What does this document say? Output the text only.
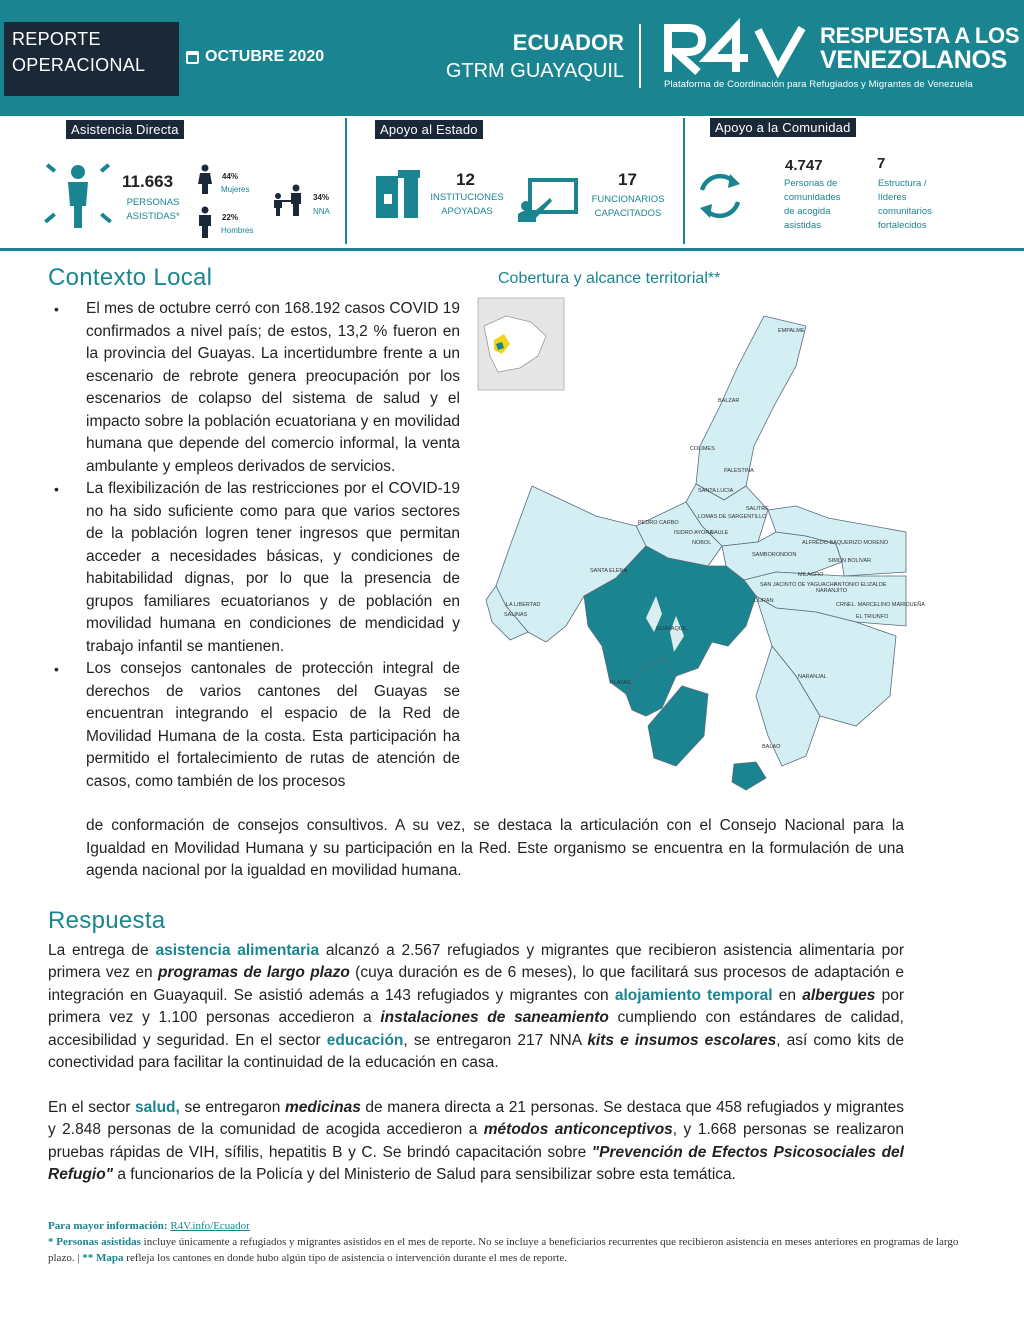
REPORTE
OPERACIONAL	OCTUBRE 2020
ECUADOR
GTRM GUAYAQUIL
RESPUESTA A LOS
VENEZOLANOS
Plataforma de Coordinación para Refugiados y Migrantes de Venezuela
Asistencia Directa
11.663
PERSONAS
ASISTIDAS*
44%
Mujeres
22%
Hombres
34%
NNA
Apoyo al Estado
12
INSTITUCIONES
APOYADAS
17
FUNCIONARIOS
CAPACITADOS
Apoyo a la Comunidad
4.747
Personas de
comunidades
de acogida
asistidas
7
Estructura /
líderes
comunitarios
fortalecidos
Contexto Local
• El mes de octubre cerró con 168.192 casos COVID 19 confirmados a nivel país; de estos, 13,2 % fueron en la provincia del Guayas. La incertidumbre frente a un escenario de rebrote genera preocupación por los escenarios de colapso del sistema de salud y el impacto sobre la población ecuatoriana y en movilidad humana que depende del comercio informal, la venta ambulante y empleos derivados de servicios.
• La flexibilización de las restricciones por el COVID-19 no ha sido suficiente como para que varios sectores de la población logren tener ingresos que permitan acceder a necesidades básicas, y condiciones de habitabilidad dignas, por lo que la presencia de grupos familiares ecuatorianos y de población en movilidad humana en condiciones de mendicidad y trabajo infantil se mantienen.
• Los consejos cantonales de protección integral de derechos de varios cantones del Guayas se encuentran integrando el espacio de la Red de Movilidad Humana de la costa. Esta participación ha permitido el fortalecimiento de rutas de atención de casos, como también de los procesos
de conformación de consejos consultivos. A su vez, se destaca la articulación con el Consejo Nacional para la Igualdad en Movilidad Humana y su participación en la Red. Este organismo se encuentra en la formulación de una agenda nacional por la igualdad en movilidad humana.
Cobertura y alcance territorial**
EMPALME
BALZAR
COLIMES
PALESTINA
SANTA LUCIA
SALITRE
PEDRO CARBO
LOMAS DE SARGENTILLO
ISIDRO AYORA
DAULE
NOBOL	ALFREDO BAQUERIZO MORENO
SAMBORONDON
SIMON BOLIVAR
SANTA ELENA
MILAGRO
SAN JACINTO DE YAGUACHI
ANTONIO ELIZALDE
NARANJITO
LA LIBERTAD
SALINAS
DURAN
CRNEL. MARCELINO MARIDUEÑA
EL TRIUNFO
GUAYAQUIL
PLAYAS
NARANJAL
BALAO
Respuesta
La entrega de asistencia alimentaria alcanzó a 2.567 refugiados y migrantes que recibieron asistencia alimentaria por primera vez en programas de largo plazo (cuya duración es de 6 meses), lo que facilitará sus procesos de adaptación e integración en Guayaquil. Se asistió además a 143 refugiados y migrantes con alojamiento temporal en albergues por primera vez y 1.100 personas accedieron a instalaciones de saneamiento cumpliendo con estándares de calidad, accesibilidad y seguridad. En el sector educación, se entregaron 217 NNA kits e insumos escolares, así como kits de conectividad para facilitar la continuidad de la educación en casa.
En el sector salud, se entregaron medicinas de manera directa a 21 personas. Se destaca que 458 refugiados y migrantes y 2.848 personas de la comunidad de acogida accedieron a métodos anticonceptivos, y 1.668 personas se realizaron pruebas rápidas de VIH, sífilis, hepatitis B y C. Se brindó capacitación sobre "Prevención de Efectos Psicosociales del Refugio" a funcionarios de la Policía y del Ministerio de Salud para sensibilizar sobre esta temática.
Para mayor información: R4V.info/Ecuador
* Personas asistidas incluye únicamente a refugiados y migrantes asistidos en el mes de reporte. No se incluye a beneficiarios recurrentes que recibieron asistencia en meses anteriores en programas de largo plazo. | ** Mapa refleja los cantones en donde hubo algún tipo de asistencia o intervención durante el mes de reporte.
